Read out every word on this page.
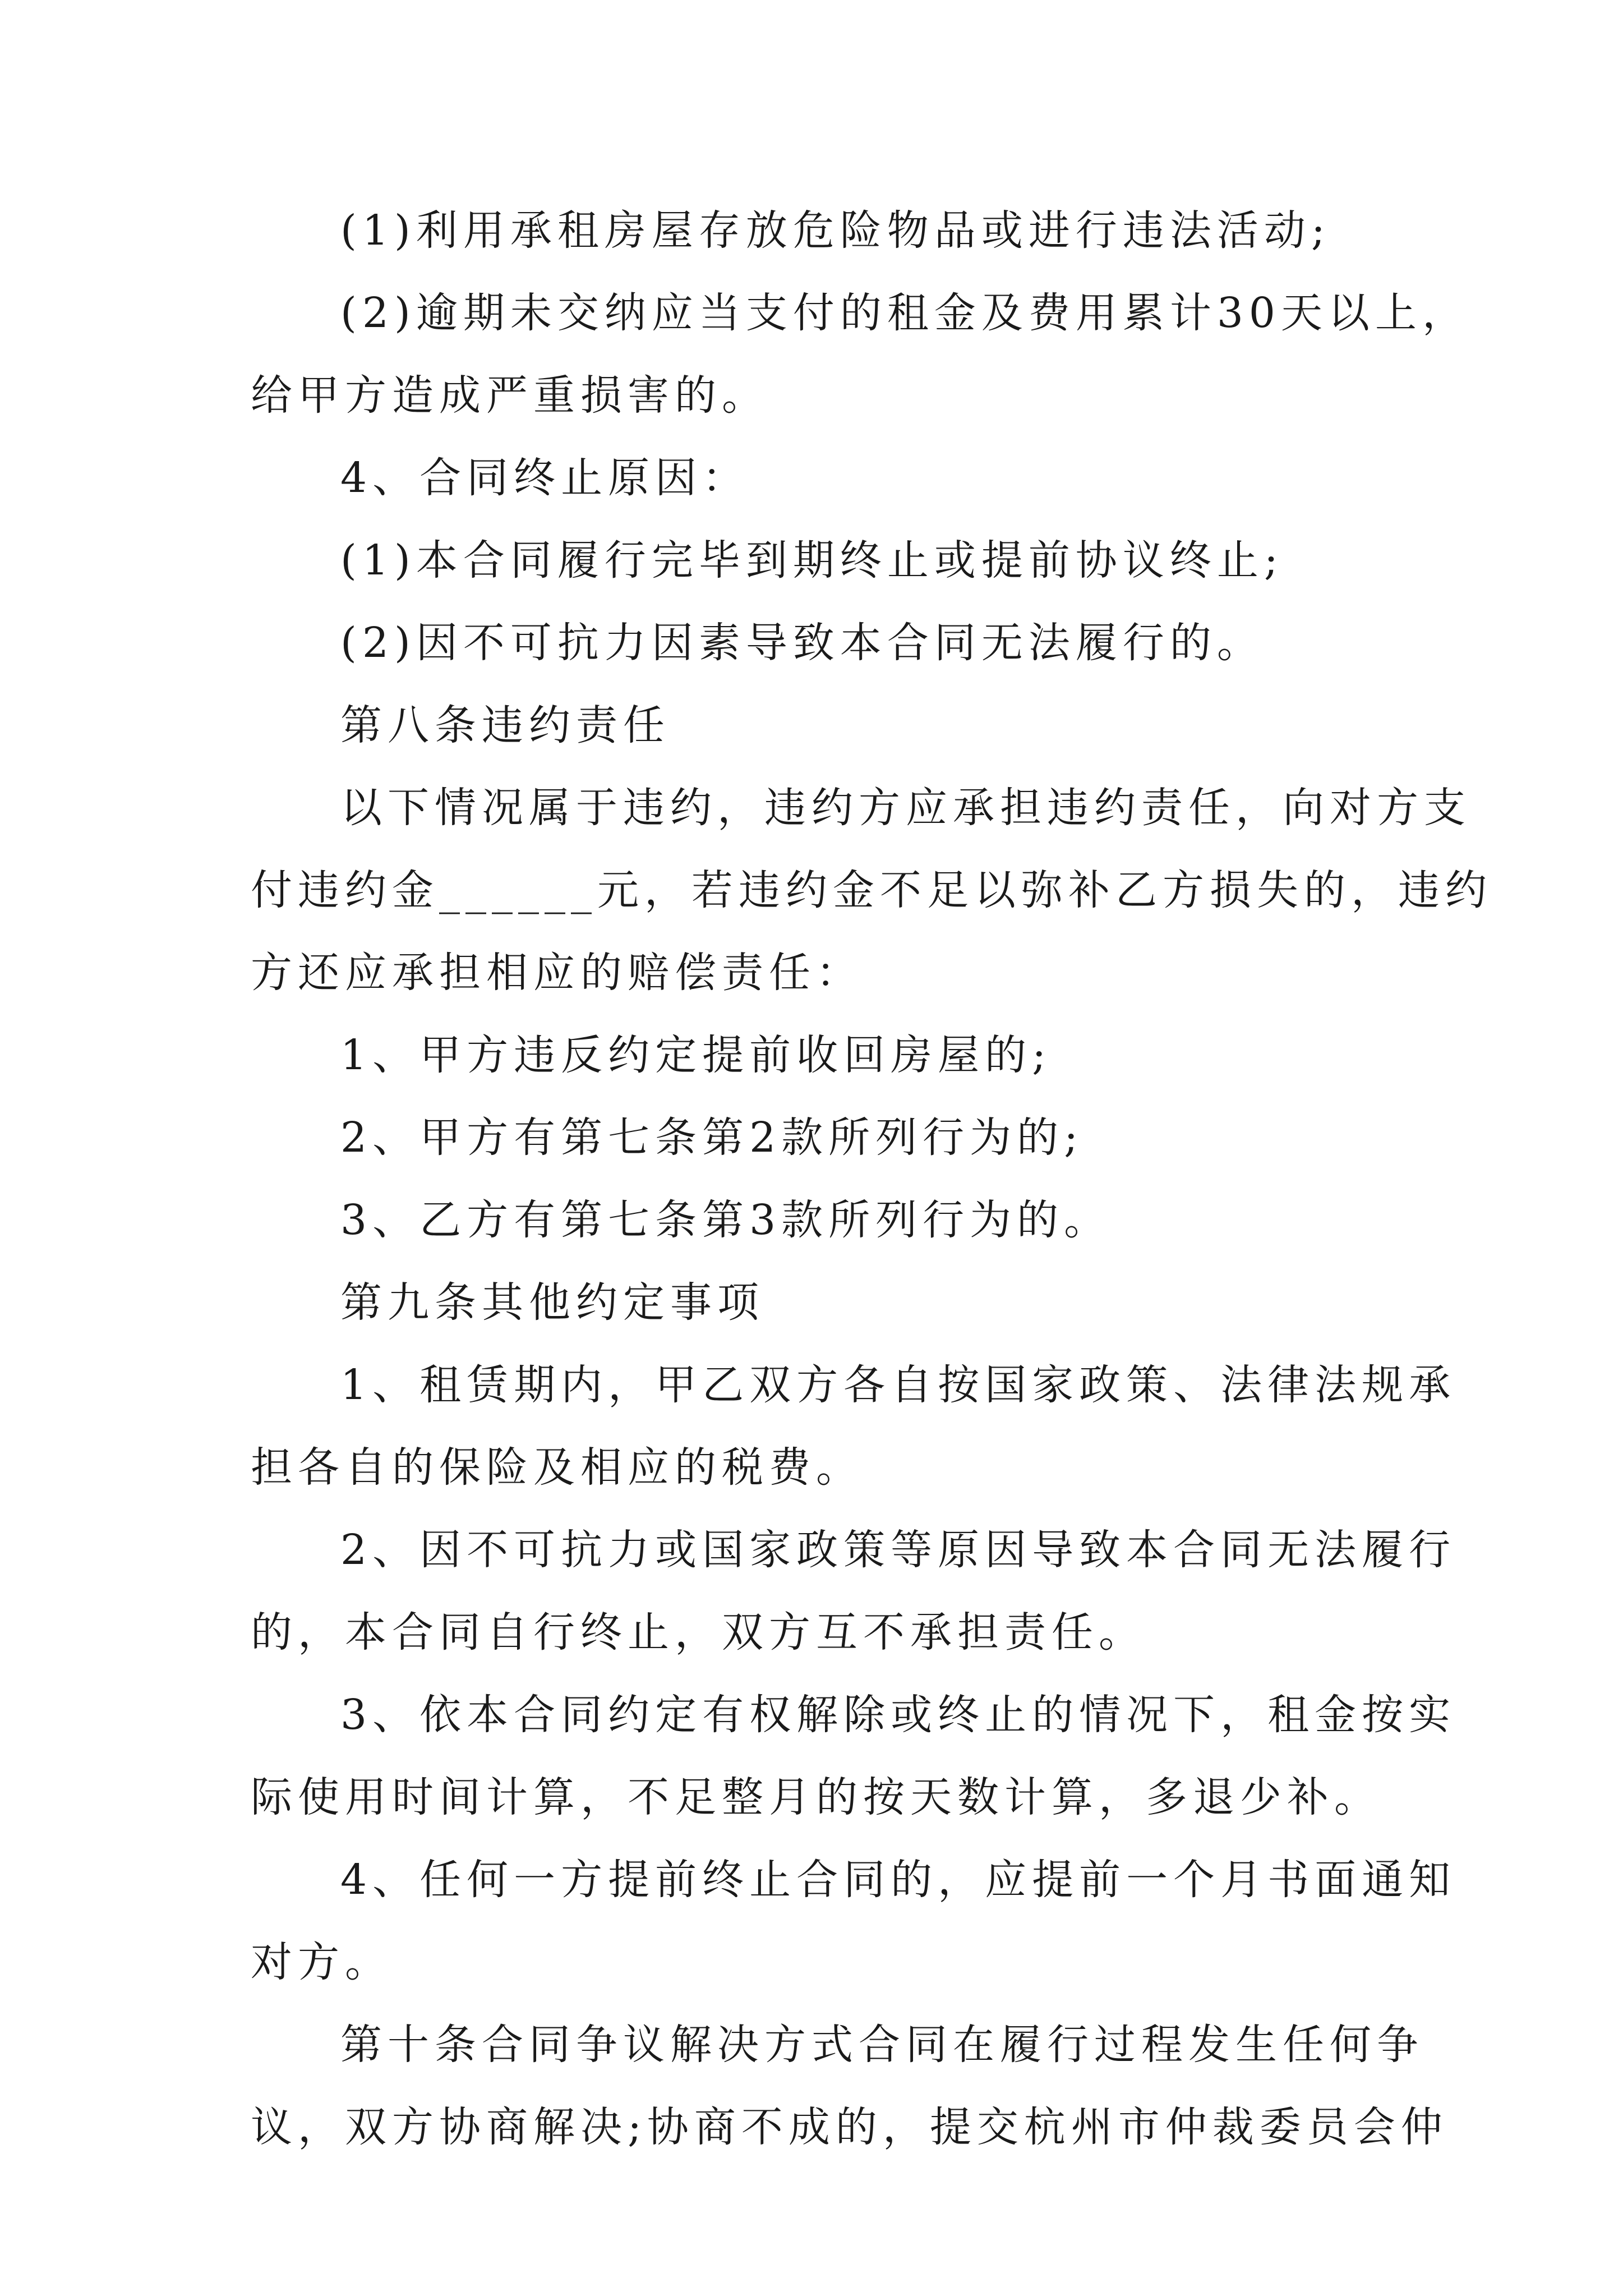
(1)利用承租房屋存放危险物品或进行违法活动;

(2)逾期未交纳应当支付的租金及费用累计30天以上，
给甲方造成严重损害的。

4、合同终止原因：

(1)本合同履行完毕到期终止或提前协议终止;

(2)因不可抗力因素导致本合同无法履行的。

第八条违约责任

以下情况属于违约，违约方应承担违约责任，向对方支
付违约金______元，若违约金不足以弥补乙方损失的，违约
方还应承担相应的赔偿责任：

1、甲方违反约定提前收回房屋的;

2、甲方有第七条第2款所列行为的;

3、乙方有第七条第3款所列行为的。

第九条其他约定事项

1、租赁期内，甲乙双方各自按国家政策、法律法规承
担各自的保险及相应的税费。

2、因不可抗力或国家政策等原因导致本合同无法履行
的，本合同自行终止，双方互不承担责任。

3、依本合同约定有权解除或终止的情况下，租金按实
际使用时间计算，不足整月的按天数计算，多退少补。

4、任何一方提前终止合同的，应提前一个月书面通知
对方。

第十条合同争议解决方式合同在履行过程发生任何争
议，双方协商解决;协商不成的，提交杭州市仲裁委员会仲
